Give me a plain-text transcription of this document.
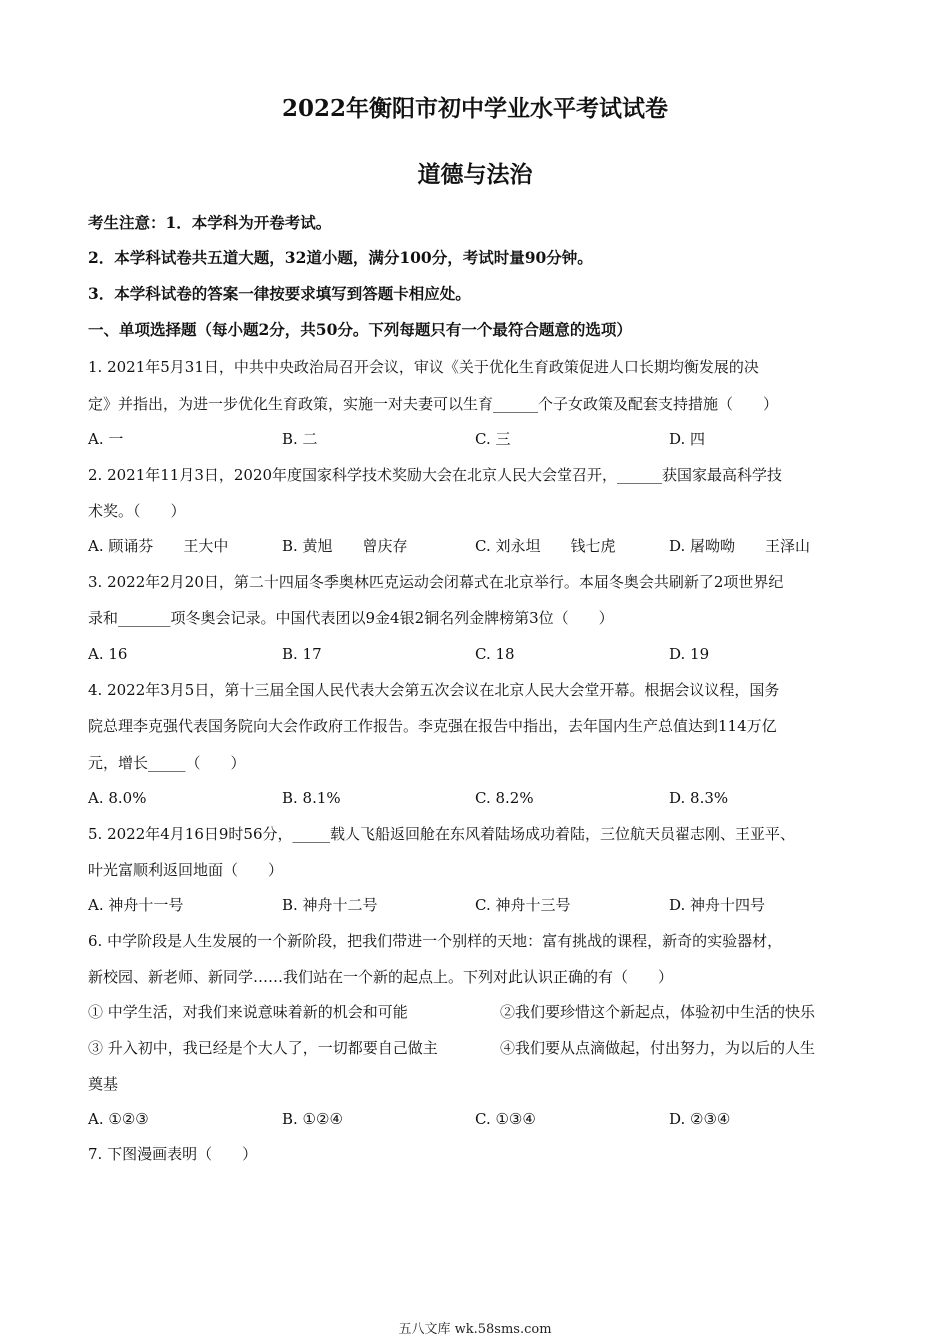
2022年衡阳市初中学业水平考试试卷
道德与法治
考生注意：1．本学科为开卷考试。
2．本学科试卷共五道大题，32道小题，满分100分，考试时量90分钟。
3．本学科试卷的答案一律按要求填写到答题卡相应处。
一、单项选择题（每小题2分，共50分。下列每题只有一个最符合题意的选项）
1. 2021年5月31日，中共中央政治局召开会议，审议《关于优化生育政策促进人口长期均衡发展的决
定》并指出，为进一步优化生育政策，实施一对夫妻可以生育______个子女政策及配套支持措施（　　）
A. 一	B. 二	C. 三	D. 四
2. 2021年11月3日，2020年度国家科学技术奖励大会在北京人民大会堂召开，______获国家最高科学技
术奖。（　　）
A. 顾诵芬　　王大中	B. 黄旭　　曾庆存	C. 刘永坦　　钱七虎	D. 屠呦呦　　王泽山
3. 2022年2月20日，第二十四届冬季奥林匹克运动会闭幕式在北京举行。本届冬奥会共刷新了2项世界纪
录和_______项冬奥会记录。中国代表团以9金4银2铜名列金牌榜第3位（　　）
A. 16	B. 17	C. 18	D. 19
4. 2022年3月5日，第十三届全国人民代表大会第五次会议在北京人民大会堂开幕。根据会议议程，国务
院总理李克强代表国务院向大会作政府工作报告。李克强在报告中指出，去年国内生产总值达到114万亿
元，增长_____（　　）
A. 8.0%	B. 8.1%	C. 8.2%	D. 8.3%
5. 2022年4月16日9时56分，_____载人飞船返回舱在东风着陆场成功着陆，三位航天员翟志刚、王亚平、
叶光富顺利返回地面（　　）
A. 神舟十一号	B. 神舟十二号	C. 神舟十三号	D. 神舟十四号
6. 中学阶段是人生发展的一个新阶段，把我们带进一个别样的天地：富有挑战的课程，新奇的实验器材，
新校园、新老师、新同学……我们站在一个新的起点上。下列对此认识正确的有（　　）
① 中学生活，对我们来说意味着新的机会和可能	②我们要珍惜这个新起点，体验初中生活的快乐
③ 升入初中，我已经是个大人了，一切都要自己做主	④我们要从点滴做起，付出努力，为以后的人生
奠基
A. ①②③	B. ①②④	C. ①③④	D. ②③④
7. 下图漫画表明（　　）
五八文库 wk.58sms.com
